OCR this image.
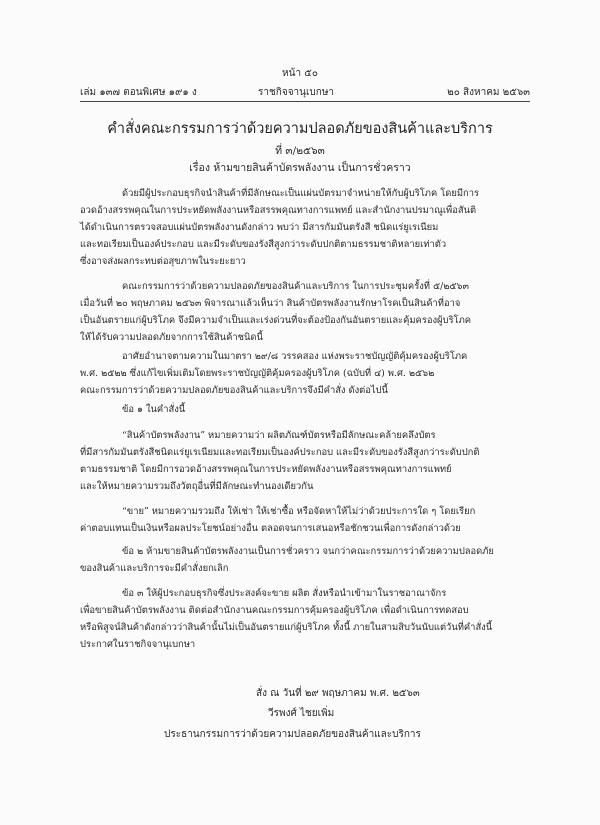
หน้า ๕๐
เล่ม ๑๓๗ ตอนพิเศษ ๑๙๑ ง	ราชกิจจานุเบกษา	๒๐ สิงหาคม ๒๕๖๓
คำสั่งคณะกรรมการว่าด้วยความปลอดภัยของสินค้าและบริการ
ที่ ๓/๒๕๖๓
เรื่อง ห้ามขายสินค้าบัตรพลังงาน เป็นการชั่วคราว
ด้วยมีผู้ประกอบธุรกิจนำสินค้าที่มีลักษณะเป็นแผ่นบัตรมาจำหน่ายให้กับผู้บริโภค โดยมีการ
อวดอ้างสรรพคุณในการประหยัดพลังงานหรือสรรพคุณทางการแพทย์ และสำนักงานปรมาณูเพื่อสันติ
ได้ดำเนินการตรวจสอบแผ่นบัตรพลังงานดังกล่าว พบว่า มีสารกัมมันตรังสี ชนิดแร่ยูเรเนียม
และทอเรียมเป็นองค์ประกอบ และมีระดับของรังสีสูงกว่าระดับปกติตามธรรมชาติหลายเท่าตัว
ซึ่งอาจส่งผลกระทบต่อสุขภาพในระยะยาว
คณะกรรมการว่าด้วยความปลอดภัยของสินค้าและบริการ ในการประชุมครั้งที่ ๕/๒๕๖๓
เมื่อวันที่ ๒๐ พฤษภาคม ๒๕๖๓ พิจารณาแล้วเห็นว่า สินค้าบัตรพลังงานรักษาโรคเป็นสินค้าที่อาจ
เป็นอันตรายแก่ผู้บริโภค จึงมีความจำเป็นและเร่งด่วนที่จะต้องป้องกันอันตรายและคุ้มครองผู้บริโภค
ให้ได้รับความปลอดภัยจากการใช้สินค้าชนิดนี้
อาศัยอำนาจตามความในมาตรา ๒๙/๘ วรรคสอง แห่งพระราชบัญญัติคุ้มครองผู้บริโภค
พ.ศ. ๒๕๒๒ ซึ่งแก้ไขเพิ่มเติมโดยพระราชบัญญัติคุ้มครองผู้บริโภค (ฉบับที่ ๔) พ.ศ. ๒๕๖๒
คณะกรรมการว่าด้วยความปลอดภัยของสินค้าและบริการจึงมีคำสั่ง ดังต่อไปนี้
ข้อ ๑ ในคำสั่งนี้
“สินค้าบัตรพลังงาน” หมายความว่า ผลิตภัณฑ์บัตรหรือมีลักษณะคล้ายคลึงบัตร
ที่มีสารกัมมันตรังสีชนิดแร่ยูเรเนียมและทอเรียมเป็นองค์ประกอบ และมีระดับของรังสีสูงกว่าระดับปกติ
ตามธรรมชาติ โดยมีการอวดอ้างสรรพคุณในการประหยัดพลังงานหรือสรรพคุณทางการแพทย์
และให้หมายความรวมถึงวัตถุอื่นที่มีลักษณะทำนองเดียวกัน
“ขาย” หมายความรวมถึง ให้เช่า ให้เช่าซื้อ หรือจัดหาให้ไม่ว่าด้วยประการใด ๆ โดยเรียก
ค่าตอบแทนเป็นเงินหรือผลประโยชน์อย่างอื่น ตลอดจนการเสนอหรือชักชวนเพื่อการดังกล่าวด้วย
ข้อ ๒ ห้ามขายสินค้าบัตรพลังงานเป็นการชั่วคราว จนกว่าคณะกรรมการว่าด้วยความปลอดภัย
ของสินค้าและบริการจะมีคำสั่งยกเลิก
ข้อ ๓ ให้ผู้ประกอบธุรกิจซึ่งประสงค์จะขาย ผลิต สั่งหรือนำเข้ามาในราชอาณาจักร
เพื่อขายสินค้าบัตรพลังงาน ติดต่อสำนักงานคณะกรรมการคุ้มครองผู้บริโภค เพื่อดำเนินการทดสอบ
หรือพิสูจน์สินค้าดังกล่าวว่าสินค้านั้นไม่เป็นอันตรายแก่ผู้บริโภค ทั้งนี้ ภายในสามสิบวันนับแต่วันที่คำสั่งนี้
ประกาศในราชกิจจานุเบกษา
สั่ง ณ วันที่ ๒๙ พฤษภาคม พ.ศ. ๒๕๖๓
วีรพงศ์ ไชยเพิ่ม
ประธานกรรมการว่าด้วยความปลอดภัยของสินค้าและบริการ
